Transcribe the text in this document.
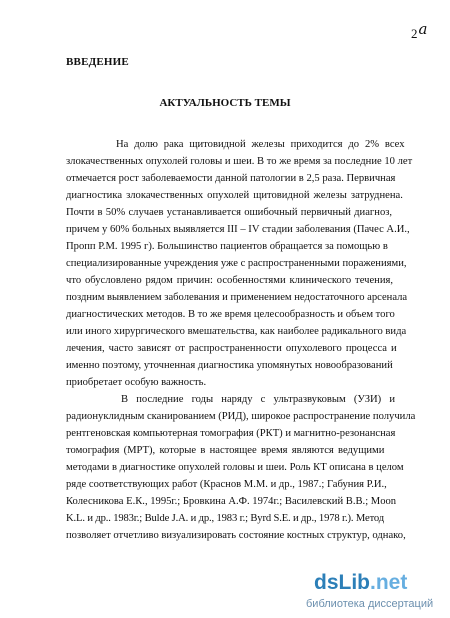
2a
ВВЕДЕНИЕ
АКТУАЛЬНОСТЬ ТЕМЫ
На долю рака щитовидной железы приходится до 2% всех
злокачественных опухолей головы и шеи. В то же время за последние 10 лет
отмечается рост заболеваемости данной патологии в 2,5 раза. Первичная
диагностика злокачественных опухолей щитовидной железы затруднена.
Почти в 50% случаев устанавливается ошибочный первичный диагноз,
причем у 60% больных выявляется III – IV стадии заболевания (Пачес А.И.,
Пропп Р.М. 1995 г). Большинство пациентов обращается за помощью в
специализированные учреждения уже с распространенными поражениями,
что обусловлено рядом причин: особенностями клинического течения,
поздним выявлением заболевания и применением недостаточного арсенала
диагностических методов. В то же время целесообразность и объем того
или иного хирургического вмешательства, как наиболее радикального вида
лечения, часто зависят от распространенности опухолевого процесса и
именно поэтому, уточненная диагностика упомянутых новообразований
приобретает особую важность.
В последние годы наряду с ультразвуковым (УЗИ) и
радионуклидным сканированием (РИД), широкое распространение получила
рентгеновская компьютерная томография (РКТ) и магнитно-резонансная
томография (МРТ), которые в настоящее время являются ведущими
методами в диагностике опухолей головы и шеи. Роль КТ описана в целом
ряде соответствующих работ (Краснов М.М. и др., 1987.; Габуния Р.И.,
Колесникова Е.К., 1995г.; Бровкина А.Ф. 1974г.; Василевский В.В.; Moon
K.L. и др.. 1983г.; Bulde J.A. и др., 1983 г.; Byrd S.E. и др., 1978 г.). Метод
позволяет отчетливо визуализировать состояние костных структур, однако,
dsLib.net
библиотека диссертаций
